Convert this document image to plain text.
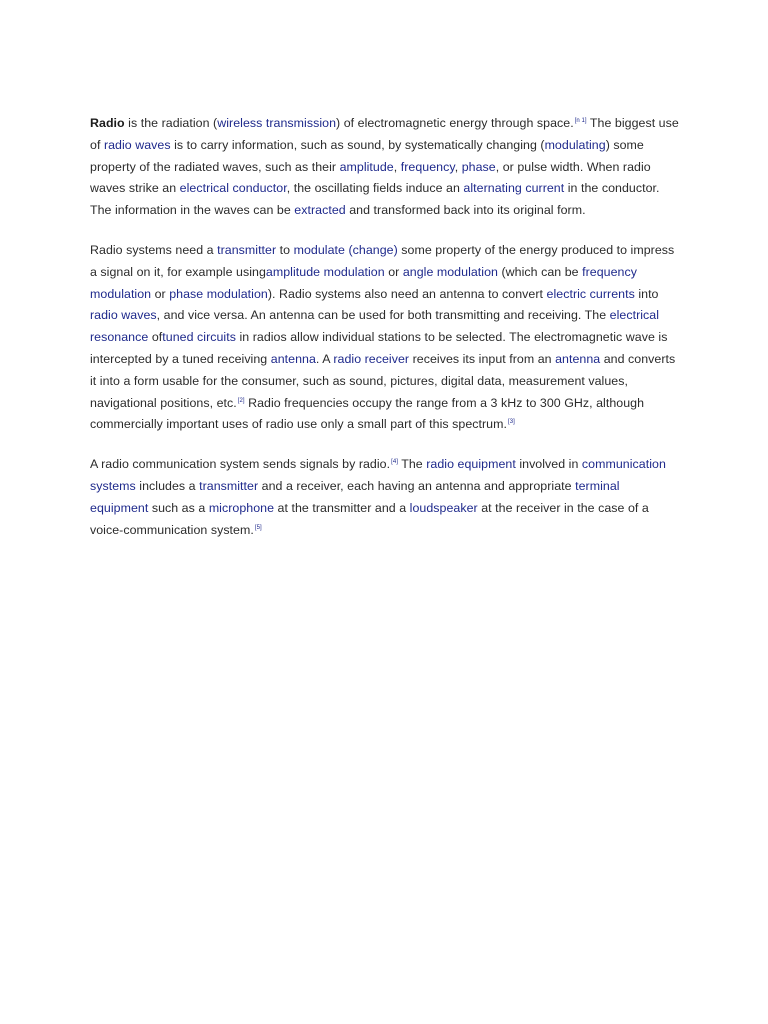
Radio is the radiation (wireless transmission) of electromagnetic energy through space.[n 1] The biggest use of radio waves is to carry information, such as sound, by systematically changing (modulating) some property of the radiated waves, such as their amplitude, frequency, phase, or pulse width. When radio waves strike an electrical conductor, the oscillating fields induce an alternating current in the conductor. The information in the waves can be extracted and transformed back into its original form.

Radio systems need a transmitter to modulate (change) some property of the energy produced to impress a signal on it, for example usingamplitude modulation or angle modulation (which can be frequency modulation or phase modulation). Radio systems also need an antenna to convert electric currents into radio waves, and vice versa. An antenna can be used for both transmitting and receiving. The electrical resonance oftuned circuits in radios allow individual stations to be selected. The electromagnetic wave is intercepted by a tuned receiving antenna. A radio receiver receives its input from an antenna and converts it into a form usable for the consumer, such as sound, pictures, digital data, measurement values, navigational positions, etc.[2] Radio frequencies occupy the range from a 3 kHz to 300 GHz, although commercially important uses of radio use only a small part of this spectrum.[3]

A radio communication system sends signals by radio.[4] The radio equipment involved in communication systems includes a transmitter and a receiver, each having an antenna and appropriate terminal equipment such as a microphone at the transmitter and a loudspeaker at the receiver in the case of a voice-communication system.[5]
